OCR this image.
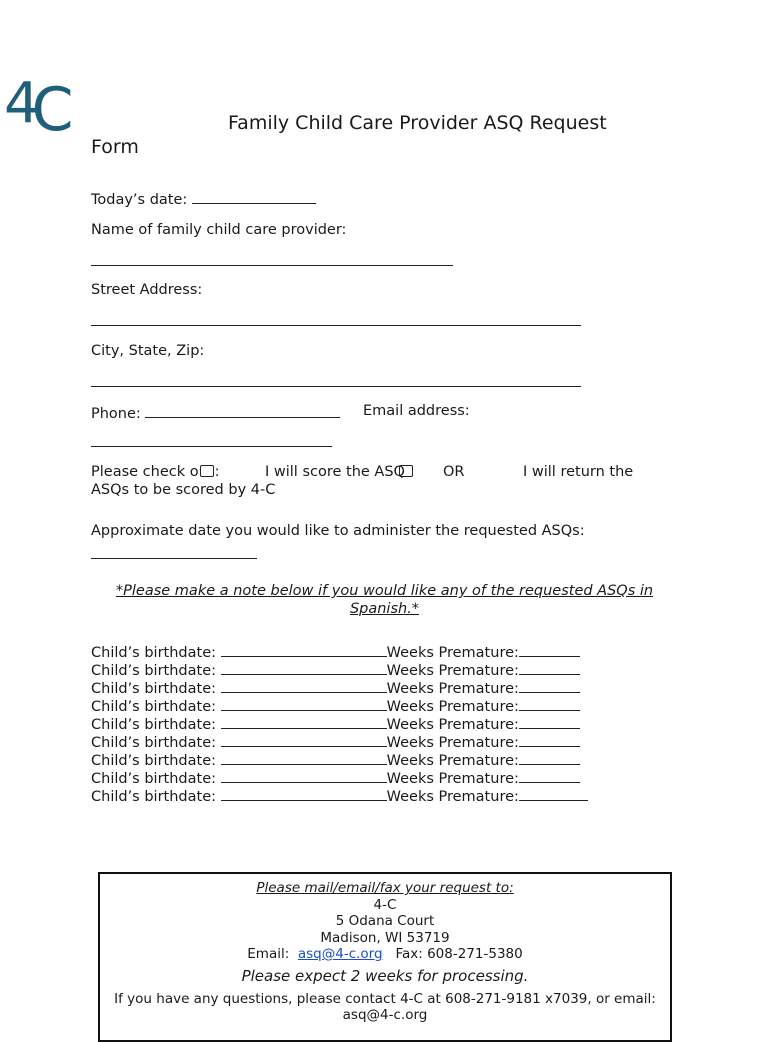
4C	Family Child Care Provider ASQ Request
Form
Today’s date:
Name of family child care provider:
Street Address:
City, State, Zip:
Phone:	Email address:
Please check o :	I will score the ASQ	OR	I will return the
ASQs to be scored by 4-C
Approximate date you would like to administer the requested ASQs:
*Please make a note below if you would like any of the requested ASQs in
Spanish.*
Child’s birthdate:	Weeks Premature:
Child’s birthdate:	Weeks Premature:
Child’s birthdate:	Weeks Premature:
Child’s birthdate:	Weeks Premature:
Child’s birthdate:	Weeks Premature:
Child’s birthdate:	Weeks Premature:
Child’s birthdate:	Weeks Premature:
Child’s birthdate:	Weeks Premature:
Child’s birthdate:	Weeks Premature:
Please mail/email/fax your request to:
4-C
5 Odana Court
Madison, WI 53719
Email: asq@4-c.org Fax: 608-271-5380
Please expect 2 weeks for processing.
If you have any questions, please contact 4-C at 608-271-9181 x7039, or email:
asq@4-c.org
